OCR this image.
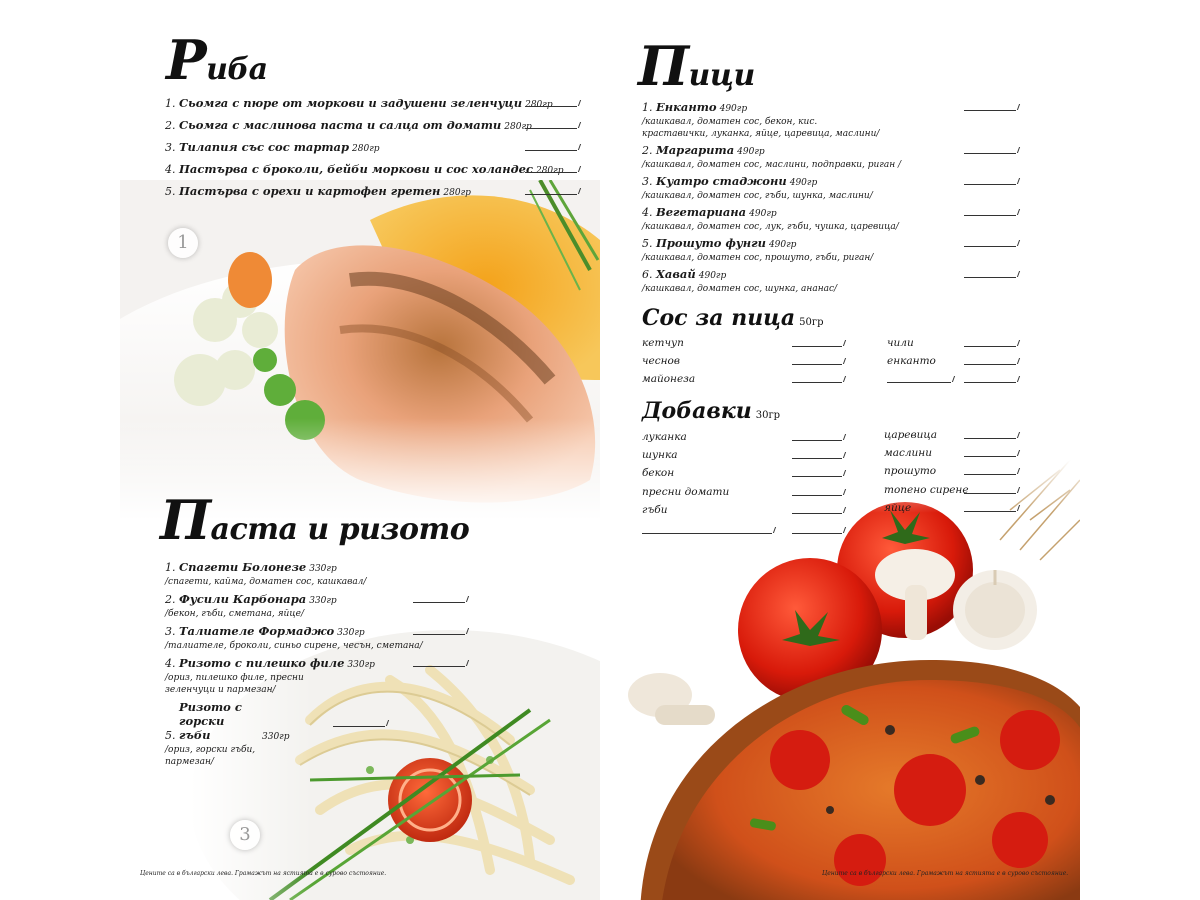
Риба
1. Сьомга с пюре от моркови и задушени зеленчуци 280гр
2. Сьомга с маслинова паста и салца от домати 280гр
3. Тилапия със сос тартар 280гр
4. Пастърва с броколи, бейби моркови и сос холандес 280гр
5. Пастърва с орехи и картофен гретен 280гр
1
Паста и ризото
1. Спагети Болонезе 330гр
/спагети, кайма, доматен сос, кашкавал/
2. Фусили Карбонара 330гр
/бекон, гъби, сметана, яйце/
3. Талиателе Формаджо 330гр
/талиателе, броколи, синьо сирене, чесън, сметана/
4. Ризото с пилешко филе 330гр
/ориз, пилешко филе, пресни зеленчуци и пармезан/
5. Ризото с горски гъби	330гр
/ориз, горски гъби, пармезан/
3
Цените са в български лева. Грамажът на ястията е в сурово състояние.
Пици
1. Енканто 490гр
/кашкавал, доматен сос, бекон, кис. краставички, луканка, яйце, царевица, маслини/
2. Маргарита 490гр
/кашкавал, доматен сос, маслини, подправки, риган /
3. Куатро стаджони 490гр
/кашкавал, доматен сос, гъби, шунка, маслини/
4. Вегетариана 490гр
/кашкавал, доматен сос, лук, гъби, чушка, царевица/
5. Прошуто фунги 490гр
/кашкавал, доматен сос, прошуто, гъби, риган/
6. Хавай 490гр
/кашкавал, доматен сос, шунка, ананас/
Сос за пица 50гр
кетчуп
чеснов
майонеза
чили
енканто
Добавки 30гр
луканка
шунка
бекон
пресни домати
гъби
царевица
маслини
прошуто
топено сирене
яйце
Цените са в български лева. Грамажът на ястията е в сурово състояние.
